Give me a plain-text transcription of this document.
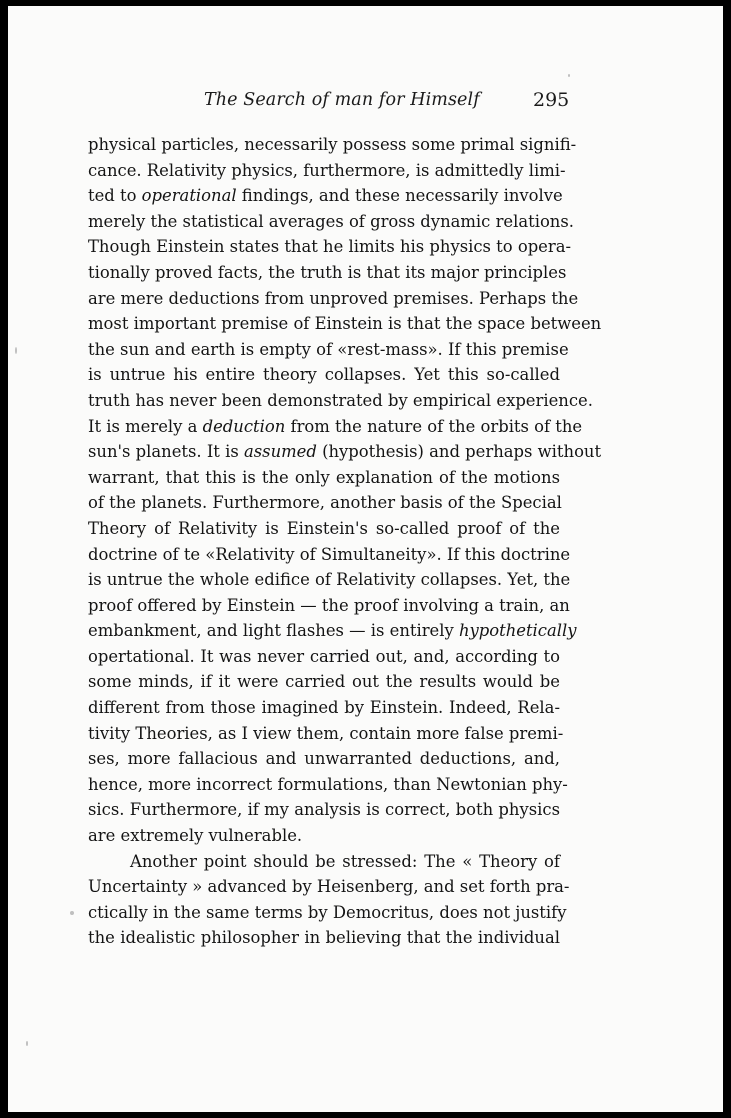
The Search of man for Himself	295
physical particles, necessarily possess some primal signifi-
cance. Relativity physics, furthermore, is admittedly limi-
ted to operational findings, and these necessarily involve
merely the statistical averages of gross dynamic relations.
Though Einstein states that he limits his physics to opera-
tionally proved facts, the truth is that its major principles
are mere deductions from unproved premises. Perhaps the
most important premise of Einstein is that the space between
the sun and earth is empty of «rest-mass». If this premise
is untrue his entire theory collapses. Yet this so-called
truth has never been demonstrated by empirical experience.
It is merely a deduction from the nature of the orbits of the
sun's planets. It is assumed (hypothesis) and perhaps without
warrant, that this is the only explanation of the motions
of the planets. Furthermore, another basis of the Special
Theory of Relativity is Einstein's so-called proof of the
doctrine of te «Relativity of Simultaneity». If this doctrine
is untrue the whole edifice of Relativity collapses. Yet, the
proof offered by Einstein — the proof involving a train, an
embankment, and light flashes — is entirely hypothetically
opertational. It was never carried out, and, according to
some minds, if it were carried out the results would be
different from those imagined by Einstein. Indeed, Rela-
tivity Theories, as I view them, contain more false premi-
ses, more fallacious and unwarranted deductions, and,
hence, more incorrect formulations, than Newtonian phy-
sics. Furthermore, if my analysis is correct, both physics
are extremely vulnerable.
Another point should be stressed: The « Theory of
Uncertainty » advanced by Heisenberg, and set forth pra-
ctically in the same terms by Democritus, does not justify
the idealistic philosopher in believing that the individual
